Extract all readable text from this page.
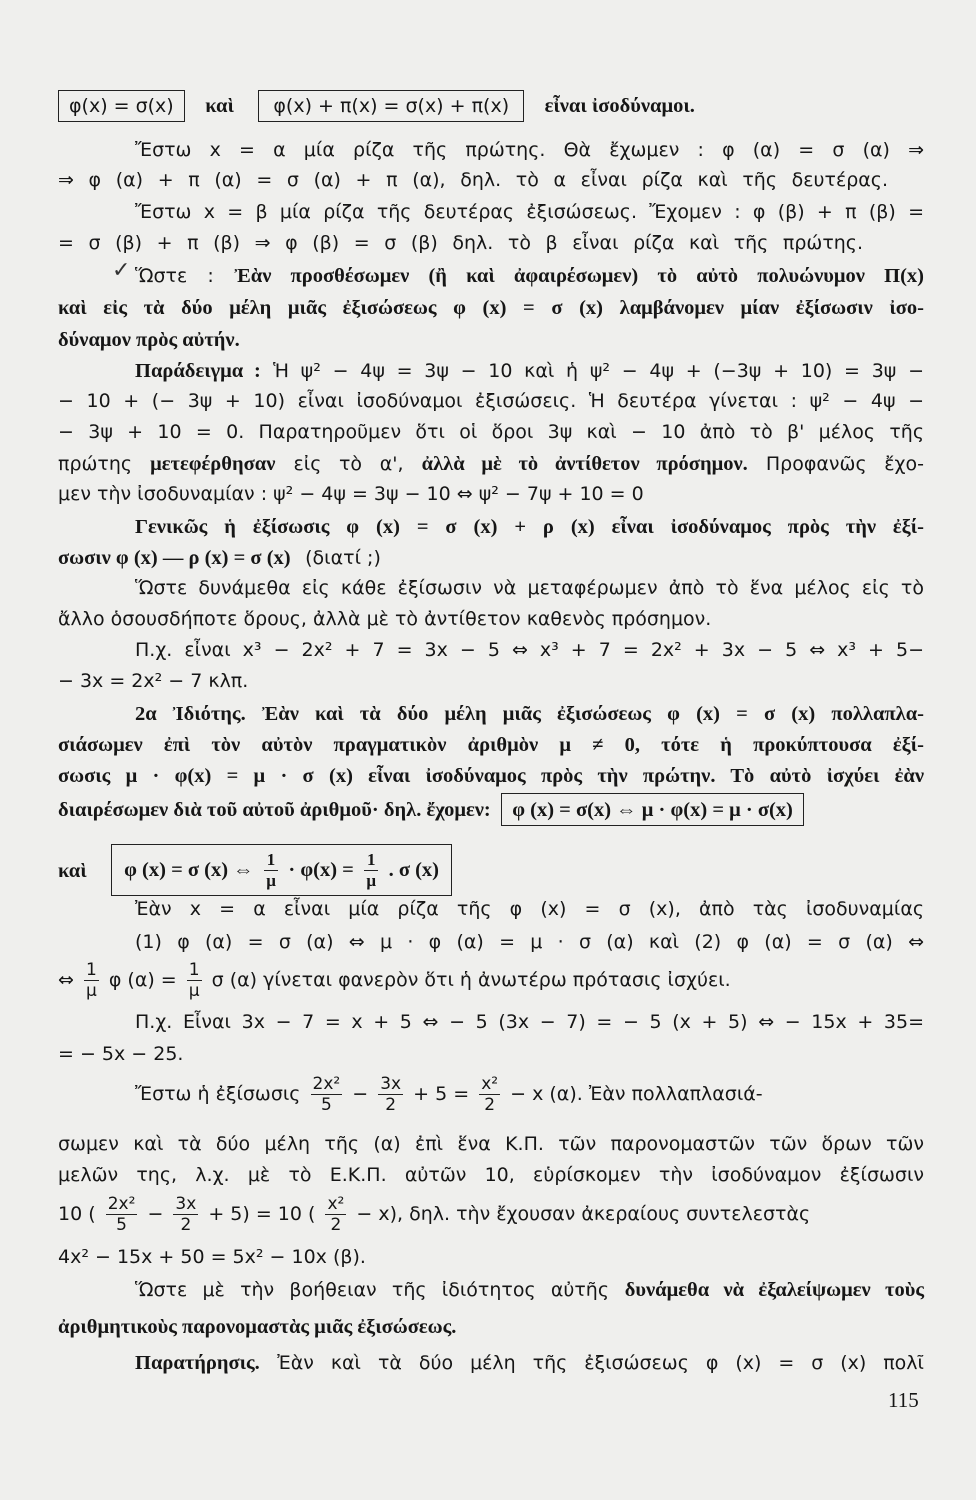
φ(x) = σ(x) καὶ φ(x) + π(x) = σ(x) + π(x) εἶναι ἰσοδύναμοι.
Ἔστω x = α μία ρίζα τῆς πρώτης. Θὰ ἔχωμεν : φ (α) = σ (α) ⇒
⇒ φ (α) + π (α) = σ (α) + π (α), δηλ. τὸ α εἶναι ρίζα καὶ τῆς δευτέρας.
Ἔστω x = β μία ρίζα τῆς δευτέρας ἐξισώσεως. Ἔχομεν : φ (β) + π (β) =
= σ (β) + π (β) ⇒ φ (β) = σ (β) δηλ. τὸ β εἶναι ρίζα καὶ τῆς πρώτης.
✓ Ὥστε : Ἐὰν προσθέσωμεν (ἢ καὶ ἀφαιρέσωμεν) τὸ αὐτὸ πολυώνυμον Π(x)
καὶ εἰς τὰ δύο μέλη μιᾶς ἐξισώσεως φ (x) = σ (x) λαμβάνομεν μίαν ἐξίσωσιν ἰσο-
δύναμον πρὸς αὐτήν.
Παράδειγμα : Ἡ ψ² − 4ψ = 3ψ − 10 καὶ ἡ ψ² − 4ψ + (−3ψ + 10) = 3ψ −
− 10 + (− 3ψ + 10) εἶναι ἰσοδύναμοι ἐξισώσεις. Ἡ δευτέρα γίνεται : ψ² − 4ψ −
− 3ψ + 10 = 0. Παρατηροῦμεν ὅτι οἱ ὅροι 3ψ καὶ − 10 ἀπὸ τὸ β' μέλος τῆς
πρώτης μετεφέρθησαν εἰς τὸ α', ἀλλὰ μὲ τὸ ἀντίθετον πρόσημον. Προφανῶς ἔχο-
μεν τὴν ἰσοδυναμίαν : ψ² − 4ψ = 3ψ − 10 ⇔ ψ² − 7ψ + 10 = 0
Γενικῶς ἡ ἐξίσωσις φ (x) = σ (x) + ρ (x) εἶναι ἰσοδύναμος πρὸς τὴν ἐξί-
σωσιν φ (x) — ρ (x) = σ (x) (διατί ;)
Ὥστε δυνάμεθα εἰς κάθε ἐξίσωσιν νὰ μεταφέρωμεν ἀπὸ τὸ ἕνα μέλος εἰς τὸ
ἄλλο ὁσουσδήποτε ὅρους, ἀλλὰ μὲ τὸ ἀντίθετον καθενὸς πρόσημον.
Π.χ. εἶναι x³ − 2x² + 7 = 3x − 5 ⇔ x³ + 7 = 2x² + 3x − 5 ⇔ x³ + 5−
− 3x = 2x² − 7 κλπ.
2α Ἰδιότης. Ἐὰν καὶ τὰ δύο μέλη μιᾶς ἐξισώσεως φ (x) = σ (x) πολλαπλα-
σιάσωμεν ἐπὶ τὸν αὐτὸν πραγματικὸν ἀριθμὸν μ ≠ 0, τότε ἡ προκύπτουσα ἐξί-
σωσις μ · φ(x) = μ · σ (x) εἶναι ἰσοδύναμος πρὸς τὴν πρώτην. Τὸ αὐτὸ ἰσχύει ἐὰν
διαιρέσωμεν διὰ τοῦ αὐτοῦ ἀριθμοῦ· δηλ. ἔχομεν: φ (x) = σ(x) ⇔ μ · φ(x) = μ · σ(x)
καὶ φ (x) = σ (x) ⇔ $\frac{1}{\mu} \cdot \varphi(x) = \frac{1}{\mu}$ . σ (x)
Ἐὰν x = α εἶναι μία ρίζα τῆς φ (x) = σ (x), ἀπὸ τὰς ἰσοδυναμίας
(1) φ (α) = σ (α) ⇔ μ · φ (α) = μ · σ (α) καὶ (2) φ (α) = σ (α) ⇔
⇔ $\frac{1}{\mu}$ φ $(\alpha) = \frac{1}{\mu}$ σ (α) γίνεται φανερὸν ὅτι ἡ ἀνωτέρω πρότασις ἰσχύει.
Π.χ. Εἶναι 3x − 7 = x + 5 ⇔ − 5 (3x − 7) = − 5 (x + 5) ⇔ − 15x + 35=
= − 5x − 25.
Ἔστω ἡ ἐξίσωσις $\frac{\text{2x²}}{5} - \frac{3x}{2} + 5 = \frac{\text{x²}}{2} - x$ (α). Ἐὰν πολλαπλασιά-
σωμεν καὶ τὰ δύο μέλη τῆς (α) ἐπὶ ἕνα Κ.Π. τῶν παρονομαστῶν τῶν ὅρων τῶν
μελῶν της, λ.χ. μὲ τὸ Ε.Κ.Π. αὐτῶν 10, εὑρίσκομεν τὴν ἰσοδύναμον ἐξίσωσιν
10 ( $\frac{\text{2x²}}{5} - \frac{3x}{2} + 5) = 10$ ( $\frac{\text{x²}}{2} - x$), δηλ. τὴν ἔχουσαν ἀκεραίους συντελεστὰς
4x² − 15x + 50 = 5x² − 10x (β).
Ὥστε μὲ τὴν βοήθειαν τῆς ἰδιότητος αὐτῆς δυνάμεθα νὰ ἐξαλείψωμεν τοὺς
ἀριθμητικοὺς παρονομαστὰς μιᾶς ἐξισώσεως.
Παρατήρησις. Ἐὰν καὶ τὰ δύο μέλη τῆς ἐξισώσεως φ (x) = σ (x) πολῖ
115
